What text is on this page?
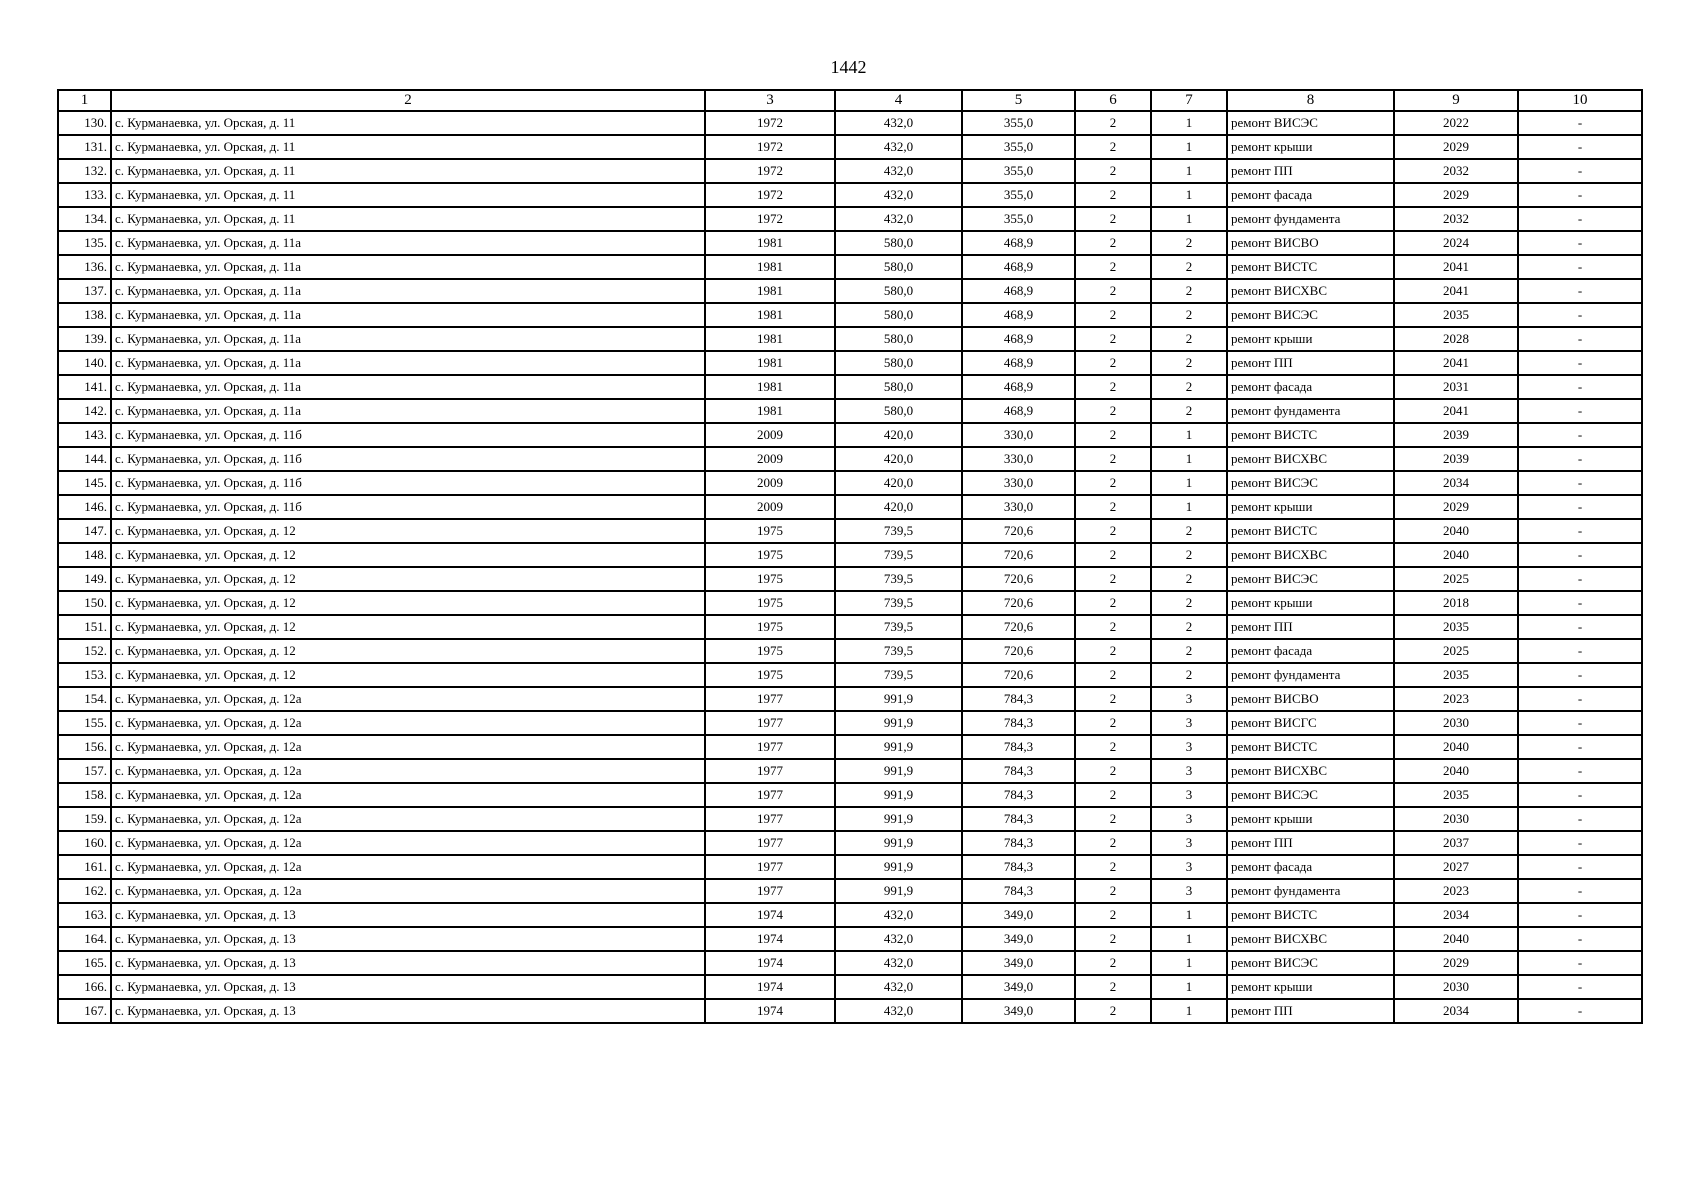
1442
1	2	3	4	5	6	7	8	9	10
130.	с. Курманаевка, ул. Орская, д. 11	1972	432,0	355,0	2	1	ремонт ВИСЭС	2022	-
131.	с. Курманаевка, ул. Орская, д. 11	1972	432,0	355,0	2	1	ремонт крыши	2029	-
132.	с. Курманаевка, ул. Орская, д. 11	1972	432,0	355,0	2	1	ремонт ПП	2032	-
133.	с. Курманаевка, ул. Орская, д. 11	1972	432,0	355,0	2	1	ремонт фасада	2029	-
134.	с. Курманаевка, ул. Орская, д. 11	1972	432,0	355,0	2	1	ремонт фундамента	2032	-
135.	с. Курманаевка, ул. Орская, д. 11а	1981	580,0	468,9	2	2	ремонт ВИСВО	2024	-
136.	с. Курманаевка, ул. Орская, д. 11а	1981	580,0	468,9	2	2	ремонт ВИСТС	2041	-
137.	с. Курманаевка, ул. Орская, д. 11а	1981	580,0	468,9	2	2	ремонт ВИСХВС	2041	-
138.	с. Курманаевка, ул. Орская, д. 11а	1981	580,0	468,9	2	2	ремонт ВИСЭС	2035	-
139.	с. Курманаевка, ул. Орская, д. 11а	1981	580,0	468,9	2	2	ремонт крыши	2028	-
140.	с. Курманаевка, ул. Орская, д. 11а	1981	580,0	468,9	2	2	ремонт ПП	2041	-
141.	с. Курманаевка, ул. Орская, д. 11а	1981	580,0	468,9	2	2	ремонт фасада	2031	-
142.	с. Курманаевка, ул. Орская, д. 11а	1981	580,0	468,9	2	2	ремонт фундамента	2041	-
143.	с. Курманаевка, ул. Орская, д. 11б	2009	420,0	330,0	2	1	ремонт ВИСТС	2039	-
144.	с. Курманаевка, ул. Орская, д. 11б	2009	420,0	330,0	2	1	ремонт ВИСХВС	2039	-
145.	с. Курманаевка, ул. Орская, д. 11б	2009	420,0	330,0	2	1	ремонт ВИСЭС	2034	-
146.	с. Курманаевка, ул. Орская, д. 11б	2009	420,0	330,0	2	1	ремонт крыши	2029	-
147.	с. Курманаевка, ул. Орская, д. 12	1975	739,5	720,6	2	2	ремонт ВИСТС	2040	-
148.	с. Курманаевка, ул. Орская, д. 12	1975	739,5	720,6	2	2	ремонт ВИСХВС	2040	-
149.	с. Курманаевка, ул. Орская, д. 12	1975	739,5	720,6	2	2	ремонт ВИСЭС	2025	-
150.	с. Курманаевка, ул. Орская, д. 12	1975	739,5	720,6	2	2	ремонт крыши	2018	-
151.	с. Курманаевка, ул. Орская, д. 12	1975	739,5	720,6	2	2	ремонт ПП	2035	-
152.	с. Курманаевка, ул. Орская, д. 12	1975	739,5	720,6	2	2	ремонт фасада	2025	-
153.	с. Курманаевка, ул. Орская, д. 12	1975	739,5	720,6	2	2	ремонт фундамента	2035	-
154.	с. Курманаевка, ул. Орская, д. 12а	1977	991,9	784,3	2	3	ремонт ВИСВО	2023	-
155.	с. Курманаевка, ул. Орская, д. 12а	1977	991,9	784,3	2	3	ремонт ВИСГС	2030	-
156.	с. Курманаевка, ул. Орская, д. 12а	1977	991,9	784,3	2	3	ремонт ВИСТС	2040	-
157.	с. Курманаевка, ул. Орская, д. 12а	1977	991,9	784,3	2	3	ремонт ВИСХВС	2040	-
158.	с. Курманаевка, ул. Орская, д. 12а	1977	991,9	784,3	2	3	ремонт ВИСЭС	2035	-
159.	с. Курманаевка, ул. Орская, д. 12а	1977	991,9	784,3	2	3	ремонт крыши	2030	-
160.	с. Курманаевка, ул. Орская, д. 12а	1977	991,9	784,3	2	3	ремонт ПП	2037	-
161.	с. Курманаевка, ул. Орская, д. 12а	1977	991,9	784,3	2	3	ремонт фасада	2027	-
162.	с. Курманаевка, ул. Орская, д. 12а	1977	991,9	784,3	2	3	ремонт фундамента	2023	-
163.	с. Курманаевка, ул. Орская, д. 13	1974	432,0	349,0	2	1	ремонт ВИСТС	2034	-
164.	с. Курманаевка, ул. Орская, д. 13	1974	432,0	349,0	2	1	ремонт ВИСХВС	2040	-
165.	с. Курманаевка, ул. Орская, д. 13	1974	432,0	349,0	2	1	ремонт ВИСЭС	2029	-
166.	с. Курманаевка, ул. Орская, д. 13	1974	432,0	349,0	2	1	ремонт крыши	2030	-
167.	с. Курманаевка, ул. Орская, д. 13	1974	432,0	349,0	2	1	ремонт ПП	2034	-
